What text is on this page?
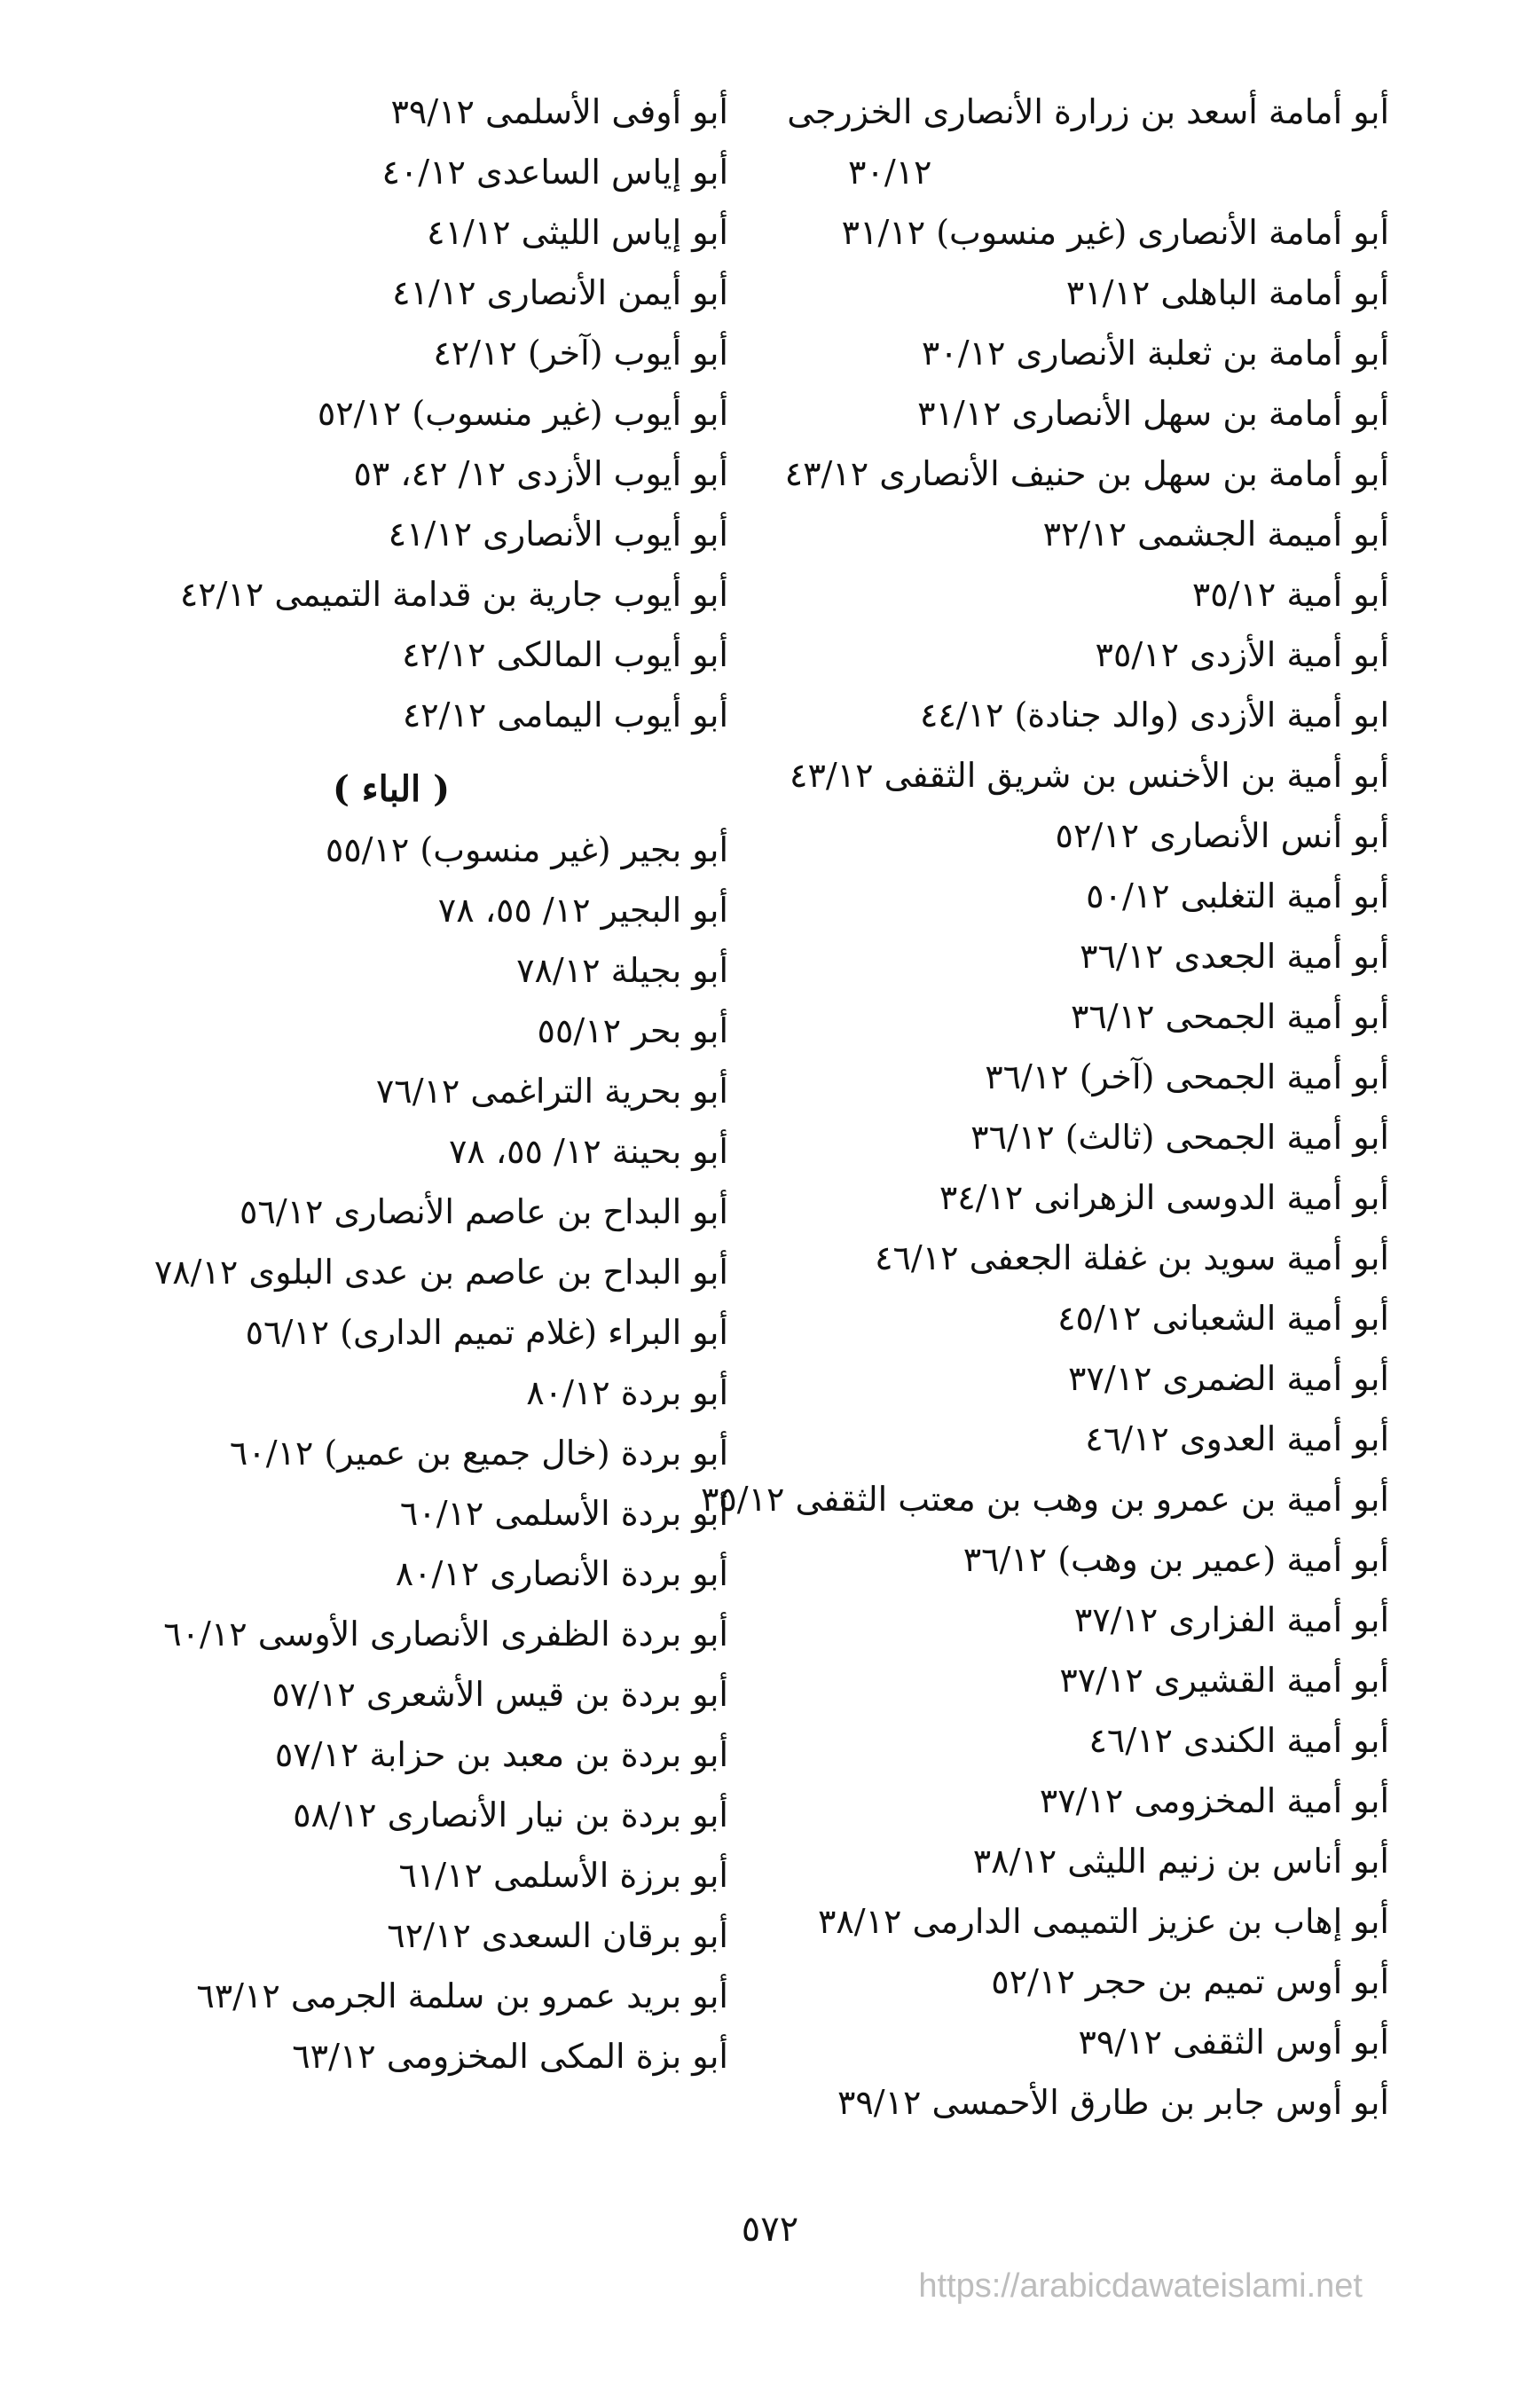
أبو أمامة أسعد بن زرارة الأنصارى الخزرجى
٣٠/١٢
أبو أمامة الأنصارى (غير منسوب) ٣١/١٢
أبو أمامة الباهلى ٣١/١٢
أبو أمامة بن ثعلبة الأنصارى ٣٠/١٢
أبو أمامة بن سهل الأنصارى ٣١/١٢
أبو أمامة بن سهل بن حنيف الأنصارى ٤٣/١٢
أبو أميمة الجشمى ٣٢/١٢
أبو أمية ٣٥/١٢
أبو أمية الأزدى ٣٥/١٢
ابو أمية الأزدى (والد جنادة) ٤٤/١٢
أبو أمية بن الأخنس بن شريق الثقفى ٤٣/١٢
أبو أنس الأنصارى ٥٢/١٢
أبو أمية التغلبى ٥٠/١٢
أبو أمية الجعدى ٣٦/١٢
أبو أمية الجمحى ٣٦/١٢
أبو أمية الجمحى (آخر) ٣٦/١٢
أبو أمية الجمحى (ثالث) ٣٦/١٢
أبو أمية الدوسى الزهرانى ٣٤/١٢
أبو أمية سويد بن غفلة الجعفى ٤٦/١٢
أبو أمية الشعبانى ٤٥/١٢
أبو أمية الضمرى ٣٧/١٢
أبو أمية العدوى ٤٦/١٢
أبو أمية بن عمرو بن وهب بن معتب الثقفى ٣٥/١٢
أبو أمية (عمير بن وهب) ٣٦/١٢
أبو أمية الفزارى ٣٧/١٢
أبو أمية القشيرى ٣٧/١٢
أبو أمية الكندى ٤٦/١٢
أبو أمية المخزومى ٣٧/١٢
أبو أناس بن زنيم الليثى ٣٨/١٢
أبو إهاب بن عزيز التميمى الدارمى ٣٨/١٢
أبو أوس تميم بن حجر ٥٢/١٢
أبو أوس الثقفى ٣٩/١٢
أبو أوس جابر بن طارق الأحمسى ٣٩/١٢
أبو أوفى الأسلمى ٣٩/١٢
أبو إياس الساعدى ٤٠/١٢
أبو إياس الليثى ٤١/١٢
أبو أيمن الأنصارى ٤١/١٢
أبو أيوب (آخر) ٤٢/١٢
أبو أيوب (غير منسوب) ٥٢/١٢
أبو أيوب الأزدى ١٢/ ٤٢، ٥٣
أبو أيوب الأنصارى ٤١/١٢
أبو أيوب جارية بن قدامة التميمى ٤٢/١٢
أبو أيوب المالكى ٤٢/١٢
أبو أيوب اليمامى ٤٢/١٢
( الباء )
أبو بجير (غير منسوب) ٥٥/١٢
أبو البجير ١٢/ ٥٥، ٧٨
أبو بجيلة ٧٨/١٢
أبو بحر ٥٥/١٢
أبو بحرية التراغمى ٧٦/١٢
أبو بحينة ١٢/ ٥٥، ٧٨
أبو البداح بن عاصم الأنصارى ٥٦/١٢
أبو البداح بن عاصم بن عدى البلوى ٧٨/١٢
أبو البراء (غلام تميم الدارى) ٥٦/١٢
أبو بردة ٨٠/١٢
أبو بردة (خال جميع بن عمير) ٦٠/١٢
أبو بردة الأسلمى ٦٠/١٢
أبو بردة الأنصارى ٨٠/١٢
أبو بردة الظفرى الأنصارى الأوسى ٦٠/١٢
أبو بردة بن قيس الأشعرى ٥٧/١٢
أبو بردة بن معبد بن حزابة ٥٧/١٢
أبو بردة بن نيار الأنصارى ٥٨/١٢
أبو برزة الأسلمى ٦١/١٢
أبو برقان السعدى ٦٢/١٢
أبو بريد عمرو بن سلمة الجرمى ٦٣/١٢
أبو بزة المكى المخزومى ٦٣/١٢
٥٧٢
https://arabicdawateislami.net
